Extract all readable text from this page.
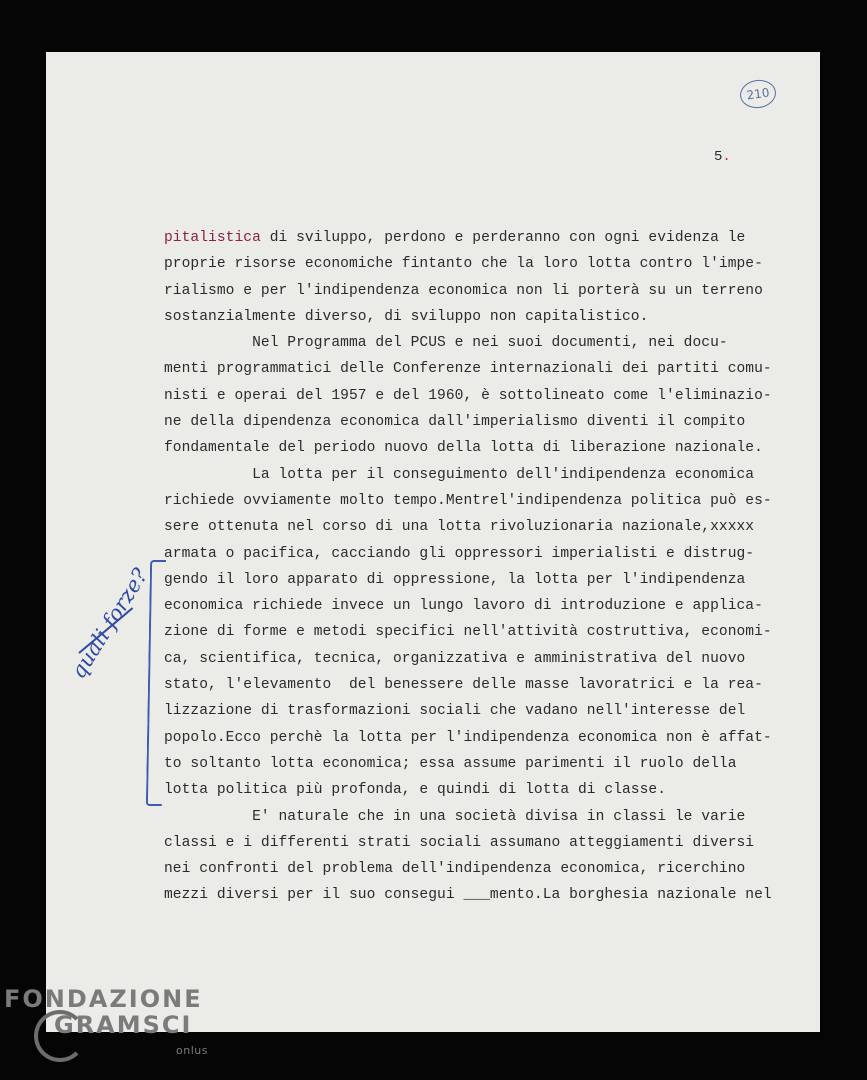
210
5.
pitalistica di sviluppo, perdono e perderanno con ogni evidenza le
proprie risorse economiche fintanto che la loro lotta contro l'impe-
rialismo e per l'indipendenza economica non li porterà su un terreno
sostanzialmente diverso, di sviluppo non capitalistico.
Nel Programma del PCUS e nei suoi documenti, nei docu-
menti programmatici delle Conferenze internazionali dei partiti comu-
nisti e operai del 1957 e del 1960, è sottolineato come l'eliminazio-
ne della dipendenza economica dall'imperialismo diventi il compito
fondamentale del periodo nuovo della lotta di liberazione nazionale.
La lotta per il conseguimento dell'indipendenza economica
richiede ovviamente molto tempo.Mentrel'indipendenza politica può es-
sere ottenuta nel corso di una lotta rivoluzionaria nazionale,xxxxx
armata o pacifica, cacciando gli oppressori imperialisti e distrug-
gendo il loro apparato di oppressione, la lotta per l'indipendenza
economica richiede invece un lungo lavoro di introduzione e applica-
zione di forme e metodi specifici nell'attività costruttiva, economi-
ca, scientifica, tecnica, organizzativa e amministrativa del nuovo
stato, l'elevamento  del benessere delle masse lavoratrici e la rea-
lizzazione di trasformazioni sociali che vadano nell'interesse del
popolo.Ecco perchè la lotta per l'indipendenza economica non è affat-
to soltanto lotta economica; essa assume parimenti il ruolo della
lotta politica più profonda, e quindi di lotta di classe.
E' naturale che in una società divisa in classi le varie
classi e i differenti strati sociali assumano atteggiamenti diversi
nei confronti del problema dell'indipendenza economica, ricerchino
mezzi diversi per il suo consegui ___mento.La borghesia nazionale nel
quali forze?
FONDAZIONE
GRAMSCI
onlus
